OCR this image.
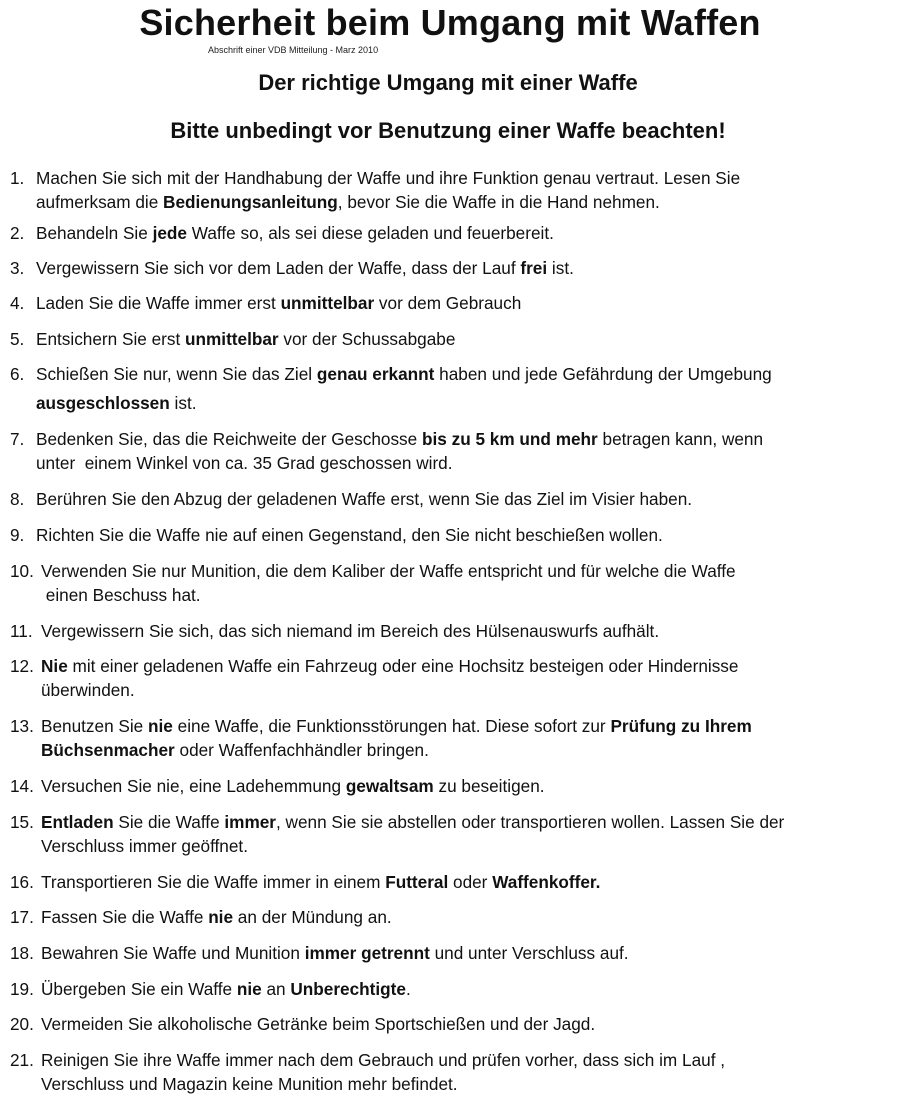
Sicherheit beim Umgang mit Waffen
Abschrift einer VDB Mitteilung - Marz 2010
Der richtige Umgang mit einer Waffe
Bitte unbedingt vor Benutzung einer Waffe beachten!
1. Machen Sie sich mit der Handhabung der Waffe und ihre Funktion genau vertraut. Lesen Sie
aufmerksam die Bedienungsanleitung, bevor Sie die Waffe in die Hand nehmen.
2. Behandeln Sie jede Waffe so, als sei diese geladen und feuerbereit.
3. Vergewissern Sie sich vor dem Laden der Waffe, dass der Lauf frei ist.
4. Laden Sie die Waffe immer erst unmittelbar vor dem Gebrauch
5. Entsichern Sie erst unmittelbar vor der Schussabgabe
6. Schießen Sie nur, wenn Sie das Ziel genau erkannt haben und jede Gefährdung der Umgebung
ausgeschlossen ist.
7. Bedenken Sie, das die Reichweite der Geschosse bis zu 5 km und mehr betragen kann, wenn
unter  einem Winkel von ca. 35 Grad geschossen wird.
8. Berühren Sie den Abzug der geladenen Waffe erst, wenn Sie das Ziel im Visier haben.
9. Richten Sie die Waffe nie auf einen Gegenstand, den Sie nicht beschießen wollen.
10. Verwenden Sie nur Munition, die dem Kaliber der Waffe entspricht und für welche die Waffe
einen Beschuss hat.
11. Vergewissern Sie sich, das sich niemand im Bereich des Hülsenauswurfs aufhält.
12. Nie mit einer geladenen Waffe ein Fahrzeug oder eine Hochsitz besteigen oder Hindernisse
überwinden.
13. Benutzen Sie nie eine Waffe, die Funktionsstörungen hat. Diese sofort zur Prüfung zu Ihrem
Büchsenmacher oder Waffenfachhändler bringen.
14. Versuchen Sie nie, eine Ladehemmung gewaltsam zu beseitigen.
15. Entladen Sie die Waffe immer, wenn Sie sie abstellen oder transportieren wollen. Lassen Sie der
Verschluss immer geöffnet.
16. Transportieren Sie die Waffe immer in einem Futteral oder Waffenkoffer.
17. Fassen Sie die Waffe nie an der Mündung an.
18. Bewahren Sie Waffe und Munition immer getrennt und unter Verschluss auf.
19. Übergeben Sie ein Waffe nie an Unberechtigte.
20. Vermeiden Sie alkoholische Getränke beim Sportschießen und der Jagd.
21. Reinigen Sie ihre Waffe immer nach dem Gebrauch und prüfen vorher, dass sich im Lauf ,
Verschluss und Magazin keine Munition mehr befindet.
